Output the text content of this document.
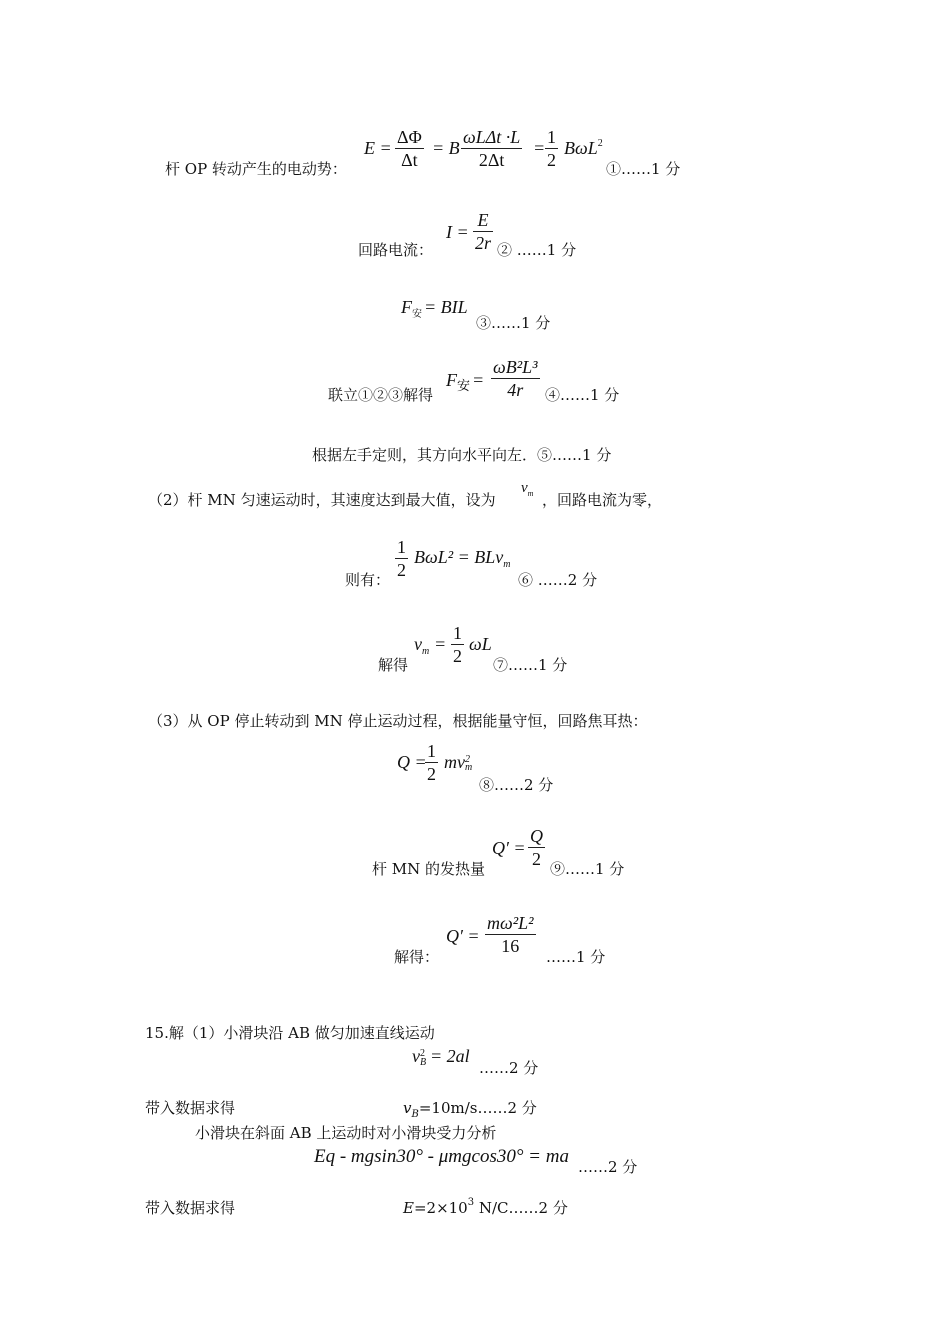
杆 OP 转动产生的电动势：
E =
ΔΦ
Δt
= B
ωLΔt ·L
2Δt
=
1
2
BωL$^2$
①……1 分
回路电流：
I =
E
2r ② ……1 分
$F_安$ = BIL
③……1 分
联立①②③解得
$F_安$ =
ωB²L³
4r	④……1 分
根据左手定则，其方向水平向左．⑤……1 分
（2）杆 MN 匀速运动时，其速度达到最大值，设为
$v_m$ ，回路电流为零，
则有：
1
2
BωL² = BLv$_m$
⑥ ……2 分
解得
$v_m$ =
1
2
ωL
⑦……1 分
（3）从 OP 停止转动到 MN 停止运动过程，根据能量守恒，回路焦耳热：
Q =
1
2
mv 2
m
⑧……2 分
杆 MN 的发热量
Q′ =
Q
2 ⑨……1 分
解得：
Q′ =
mω²L²
16
……1 分
15.解（1）小滑块沿 AB 做匀加速直线运动
v 2
B = 2al
……2 分
带入数据求得	$v_B=10m/s\dots\dots 2$ 分
小滑块在斜面 AB 上运动时对小滑块受力分析
Eq - mgsin30° - μmgcos30° = ma ……2 分
带入数据求得	$E=2\times 10^3$ N/C……2 分
